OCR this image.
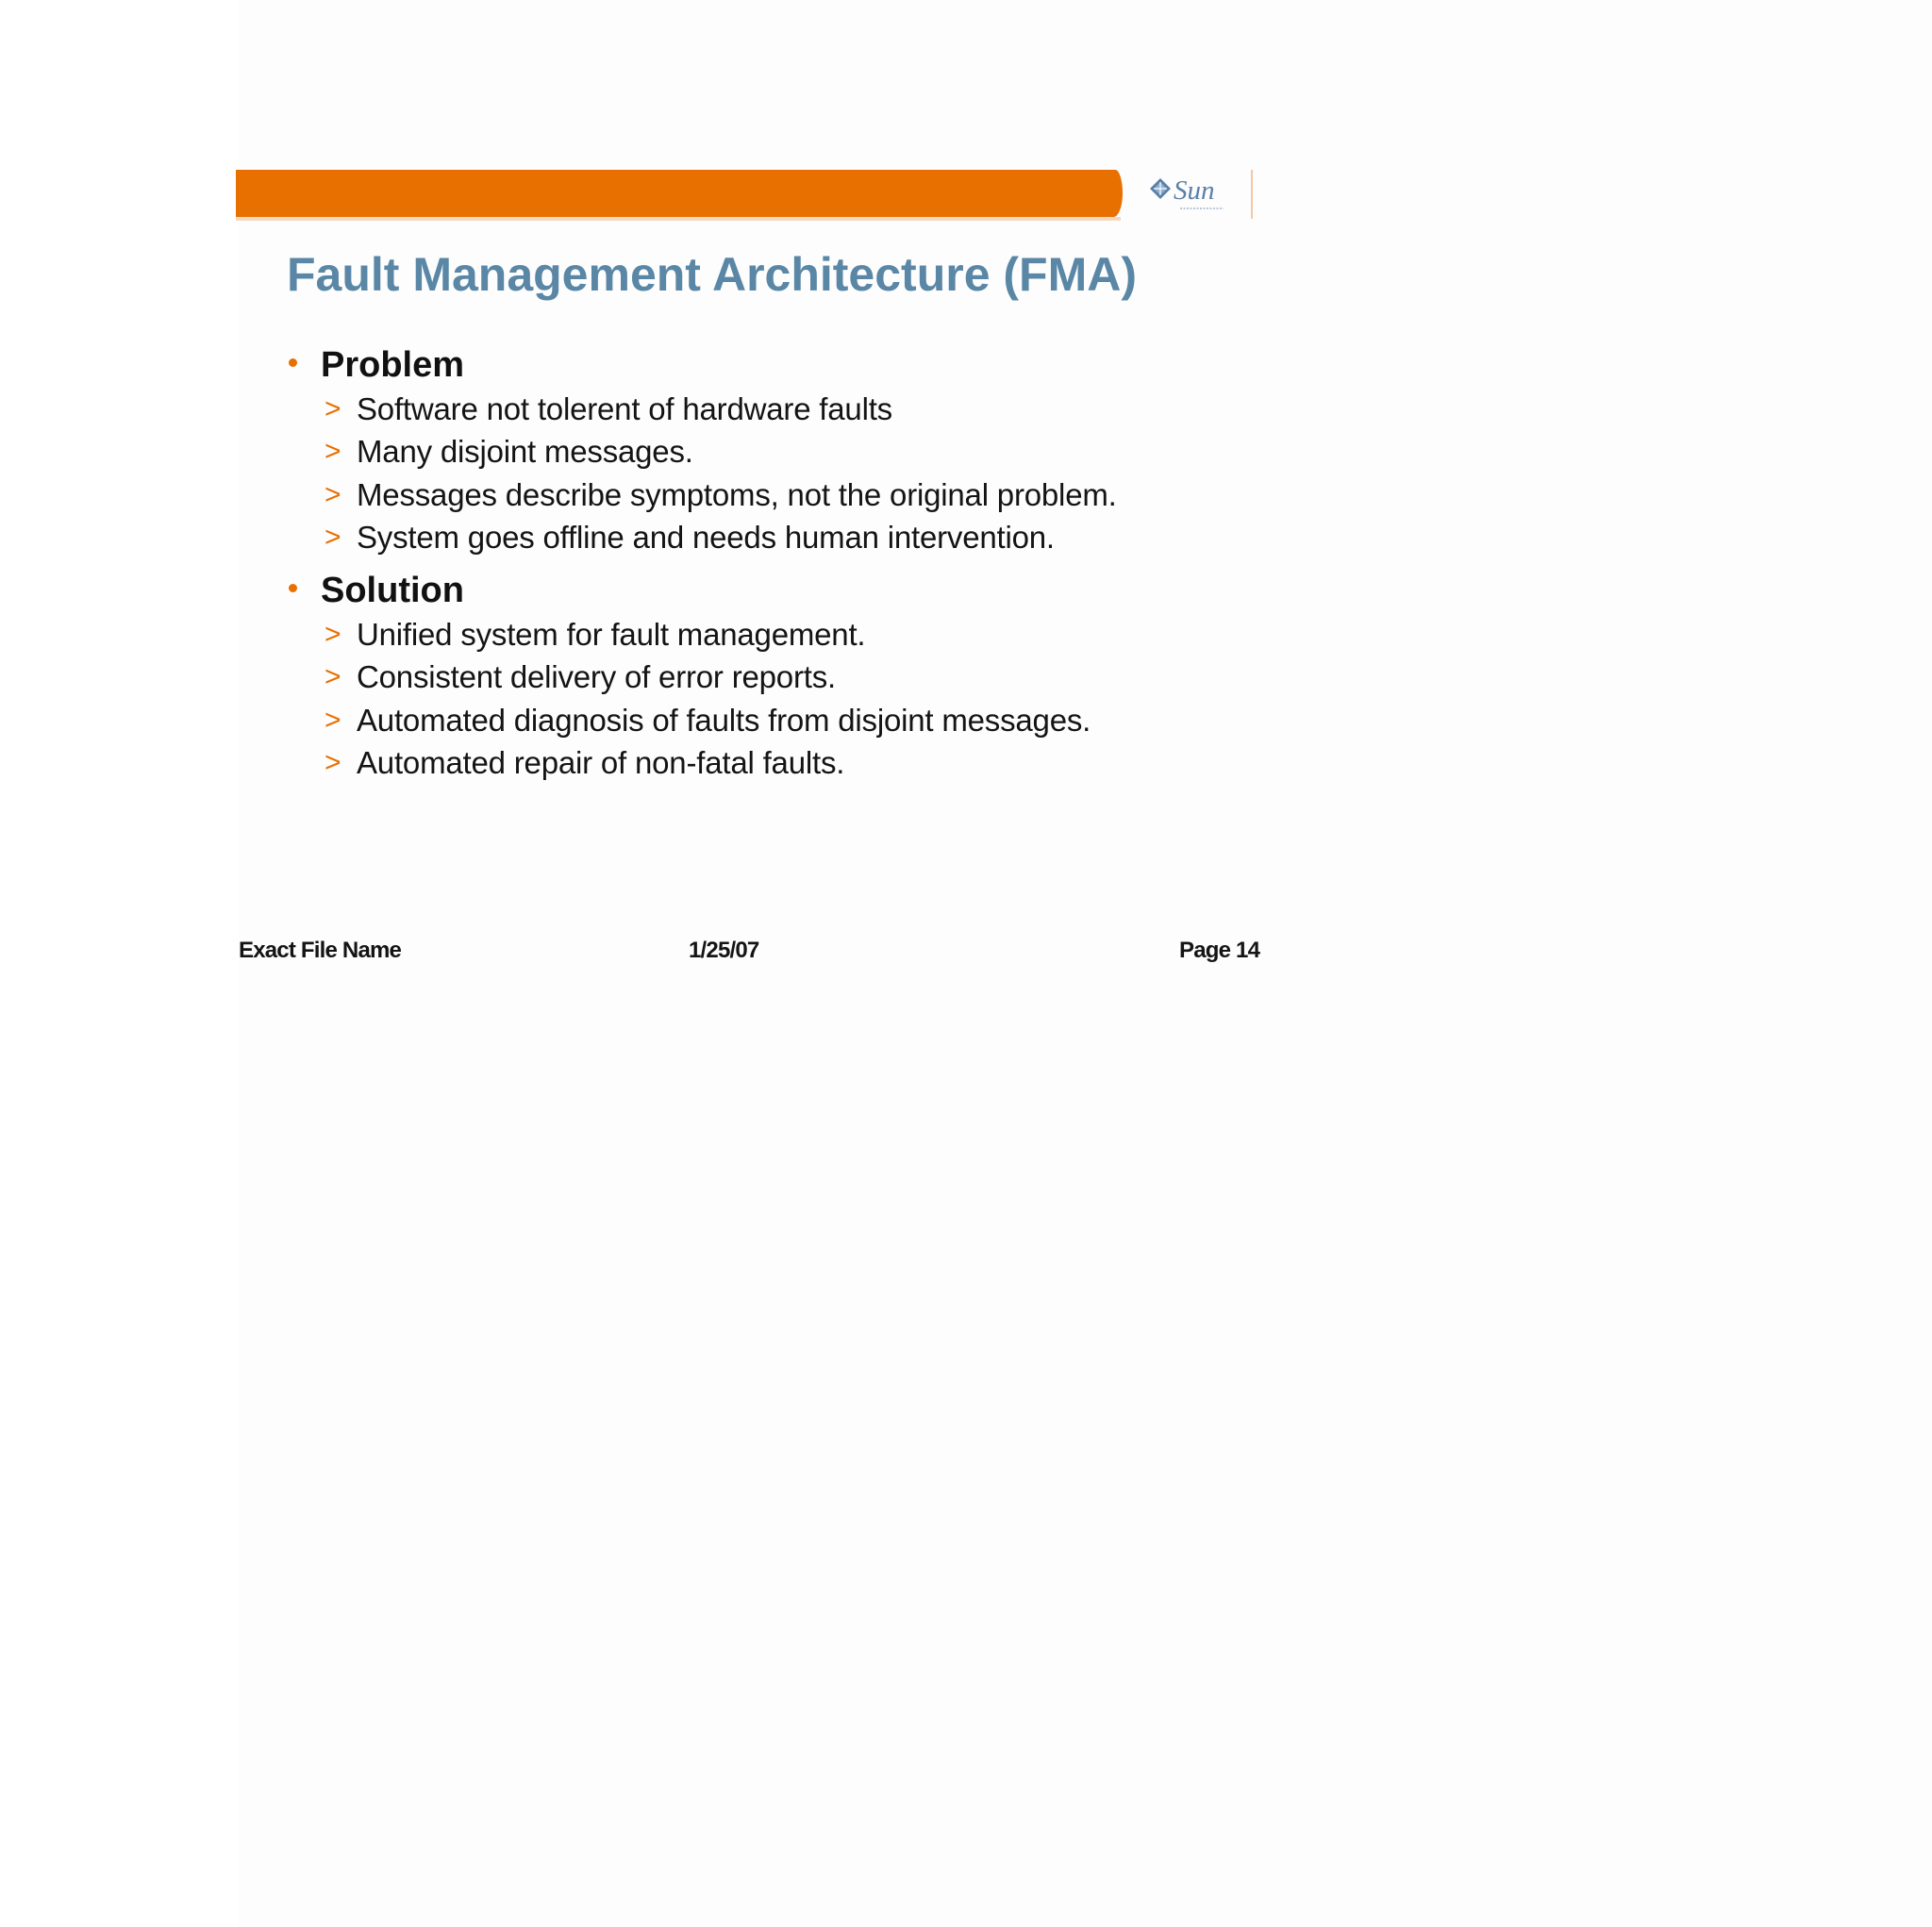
Sun
Fault Management Architecture (FMA)
Problem
> Software not tolerent of hardware faults
> Many disjoint messages.
> Messages describe symptoms, not the original problem.
> System goes offline and needs human intervention.
Solution
> Unified system for fault management.
> Consistent delivery of error reports.
> Automated diagnosis of faults from disjoint messages.
> Automated repair of non-fatal faults.
Exact File Name	1/25/07	Page 14
